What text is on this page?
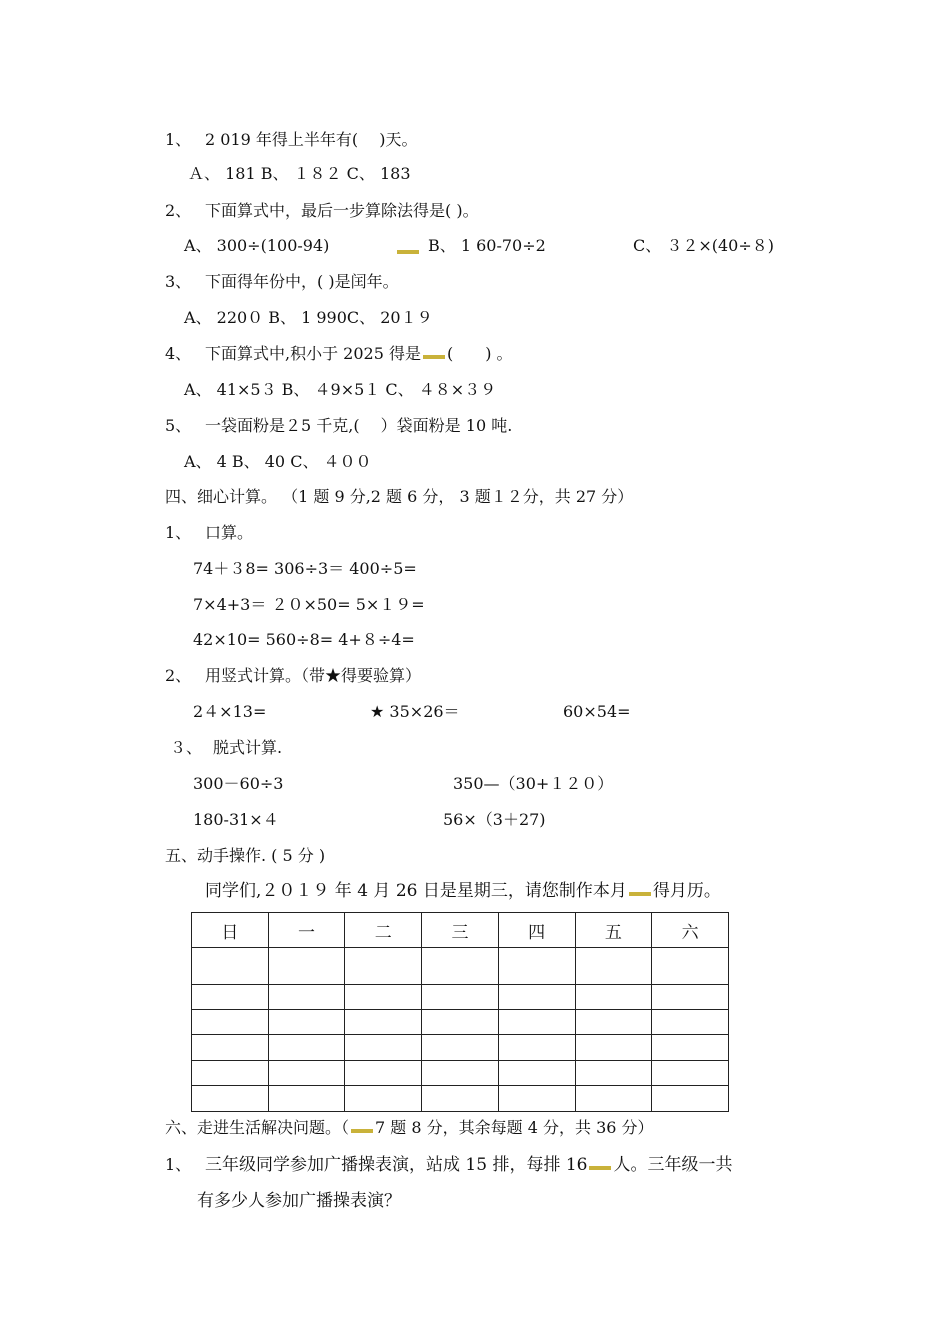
1、 2 019 年得上半年有(　 )天。
Ａ、 181 B、 １８２ C、 183
2、 下面算式中，最后一步算除法得是( )。
A、 300÷(100-94)	B、 1 60-70÷2	C、 ３２×(40÷８)
3、 下面得年份中，( )是闰年。
A、 220０ B、 1 990C、 20１９
4、 下面算式中,积小于 2025 得是 (　　) 。
A、 41×5３ B、 ４9×5１ C、 ４８×３９
5、 一袋面粉是２5 千克,(　 ）袋面粉是 10 吨.
A、 4 B、 40 C、 ４００
四、细心计算。 （1 题 9 分,2 题 6 分， 3 题１２分，共 27 分）
1、 口算。
74＋３8= 306÷3＝ 400÷5=
7×4+3＝ ２０×50= 5×１９=
42×10= 560÷8= 4+８÷4=
2、 用竖式计算。（带★得要验算）
2４×13=	★ 35×26＝	60×54=
３、 脱式计算.
300－60÷3	350—（30+１２０）
180-31×４	56×（3＋27)
五、动手操作. ( 5 分 )
同学们,２０１９ 年 4 月 26 日是星期三，请您制作本月 得月历。
日	一	二	三	四	五	六

六、走进生活解决问题。（ 7 题 8 分，其余每题 4 分，共 36 分）
1、 三年级同学参加广播操表演，站成 15 排，每排 16 人。三年级一共
有多少人参加广播操表演？
